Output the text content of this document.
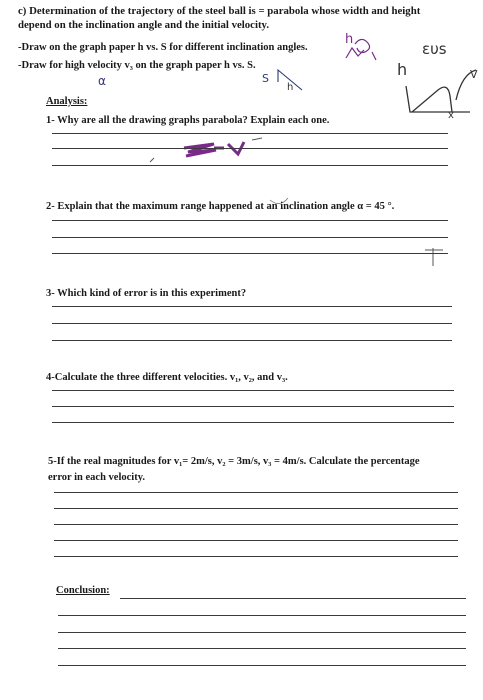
c) Determination of the trajectory of the steel ball is = parabola whose width and height
depend on the inclination angle and the initial velocity.
-Draw on the graph paper h vs. S for different inclination angles.
-Draw for high velocity v₃ on the graph paper h vs. S.
h
α	S
h
ευs
h
x
V
Analysis:
1- Why are all the drawing graphs parabola? Explain each one.
2- Explain that the maximum range happened at an inclination angle α = 45 °.
3- Which kind of error is in this experiment?
4-Calculate the three different velocities. v₁, v₂, and v₃.
5-If the real magnitudes for v₁= 2m/s, v₂ = 3m/s, v₃ = 4m/s. Calculate the percentage
error in each velocity.
Conclusion:
